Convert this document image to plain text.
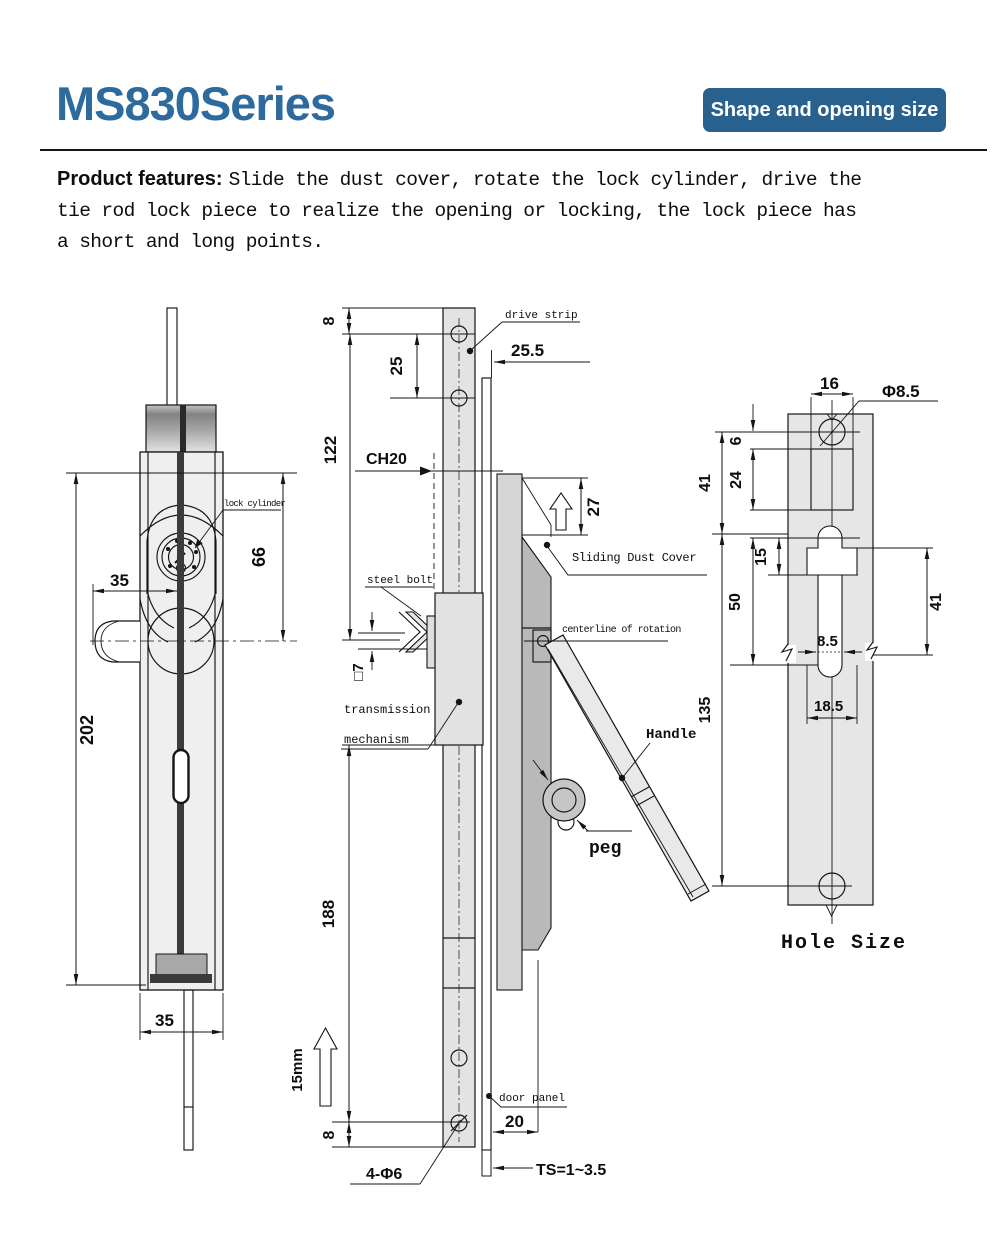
MS830Series	Shape and opening size
Product features: Slide the dust cover, rotate the lock cylinder, drive the
tie rod lock piece to realize the opening or locking, the lock piece has
a short and long points.
lock cylinder
202
66
35
35
peg
drive strip
25.5
CH20
Sliding Dust Cover
centerline of rotation
steel bolt
transmission
mechanism	Handle
8
25
122
27
□7
188
8
15mm
door panel
20
TS=1~3.5
4-Φ6
16	Φ8.5
6
24
41
15
50	41
135
8.5
18.5
Hole Size
